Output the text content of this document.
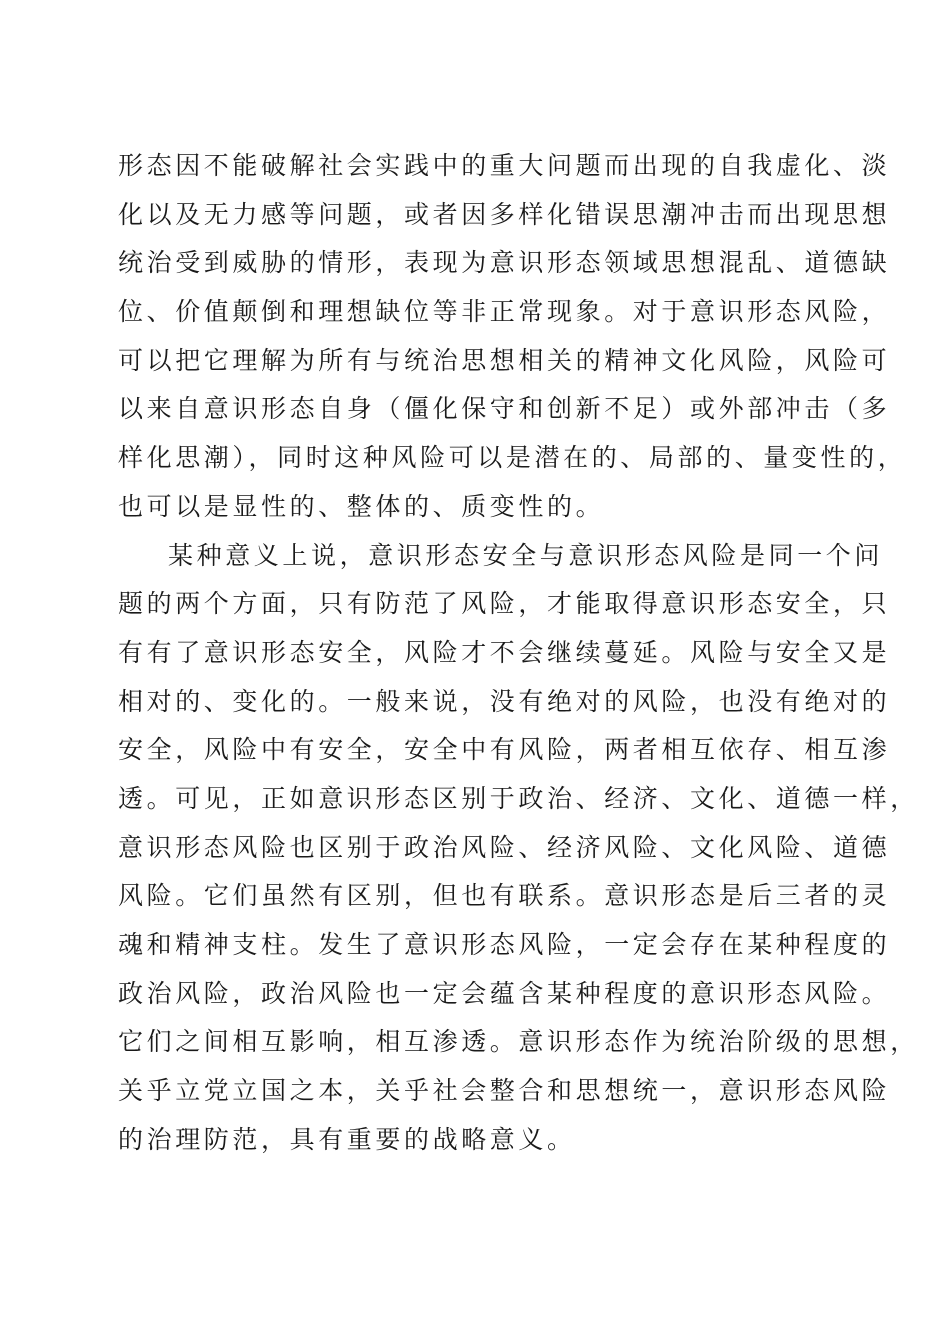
形态因不能破解社会实践中的重大问题而出现的自我虚化、淡
化以及无力感等问题，或者因多样化错误思潮冲击而出现思想
统治受到威胁的情形，表现为意识形态领域思想混乱、道德缺
位、价值颠倒和理想缺位等非正常现象。对于意识形态风险，
可以把它理解为所有与统治思想相关的精神文化风险，风险可
以来自意识形态自身（僵化保守和创新不足）或外部冲击（多
样化思潮），同时这种风险可以是潜在的、局部的、量变性的，
也可以是显性的、整体的、质变性的。
某种意义上说，意识形态安全与意识形态风险是同一个问
题的两个方面，只有防范了风险，才能取得意识形态安全，只
有有了意识形态安全，风险才不会继续蔓延。风险与安全又是
相对的、变化的。一般来说，没有绝对的风险，也没有绝对的
安全，风险中有安全，安全中有风险，两者相互依存、相互渗
透。可见，正如意识形态区别于政治、经济、文化、道德一样，
意识形态风险也区别于政治风险、经济风险、文化风险、道德
风险。它们虽然有区别，但也有联系。意识形态是后三者的灵
魂和精神支柱。发生了意识形态风险，一定会存在某种程度的
政治风险，政治风险也一定会蕴含某种程度的意识形态风险。
它们之间相互影响，相互渗透。意识形态作为统治阶级的思想，
关乎立党立国之本，关乎社会整合和思想统一，意识形态风险
的治理防范，具有重要的战略意义。
